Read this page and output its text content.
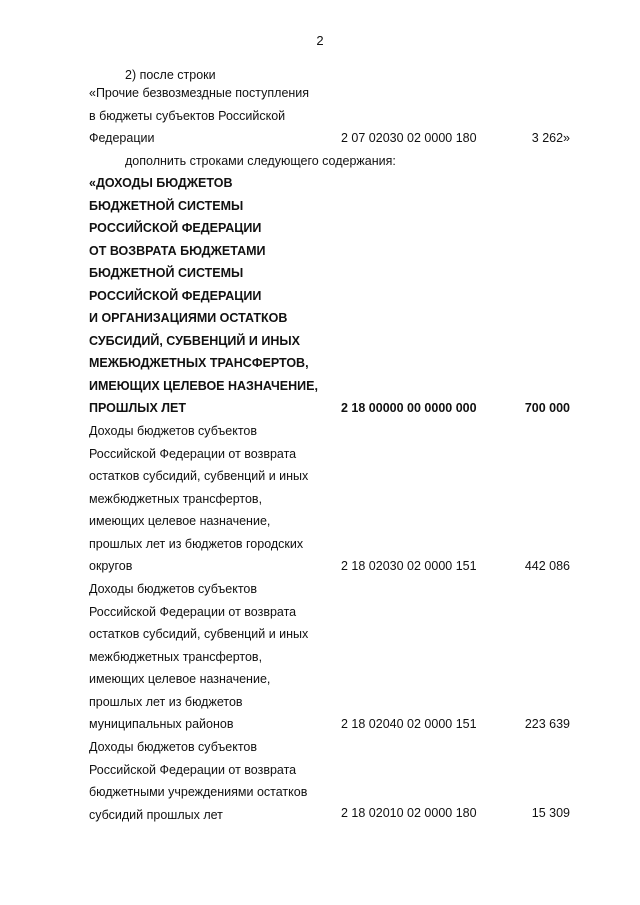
2
2) после строки
«Прочие безвозмездные поступления
в бюджеты субъектов Российской
Федерации	2 07 02030 02 0000 180	3 262»
дополнить строками следующего содержания:
«ДОХОДЫ БЮДЖЕТОВ
БЮДЖЕТНОЙ СИСТЕМЫ
РОССИЙСКОЙ ФЕДЕРАЦИИ
ОТ ВОЗВРАТА БЮДЖЕТАМИ
БЮДЖЕТНОЙ СИСТЕМЫ
РОССИЙСКОЙ ФЕДЕРАЦИИ
И ОРГАНИЗАЦИЯМИ ОСТАТКОВ
СУБСИДИЙ, СУБВЕНЦИЙ И ИНЫХ
МЕЖБЮДЖЕТНЫХ ТРАНСФЕРТОВ,
ИМЕЮЩИХ ЦЕЛЕВОЕ НАЗНАЧЕНИЕ,
ПРОШЛЫХ ЛЕТ	2 18 00000 00 0000 000	700 000
Доходы бюджетов субъектов
Российской Федерации от возврата
остатков субсидий, субвенций и иных
межбюджетных трансфертов,
имеющих целевое назначение,
прошлых лет из бюджетов городских
округов	2 18 02030 02 0000 151	442 086
Доходы бюджетов субъектов
Российской Федерации от возврата
остатков субсидий, субвенций и иных
межбюджетных трансфертов,
имеющих целевое назначение,
прошлых лет из бюджетов
муниципальных районов	2 18 02040 02 0000 151	223 639
Доходы бюджетов субъектов
Российской Федерации от возврата
бюджетными учреждениями остатков
субсидий прошлых лет	2 18 02010 02 0000 180	15 309
